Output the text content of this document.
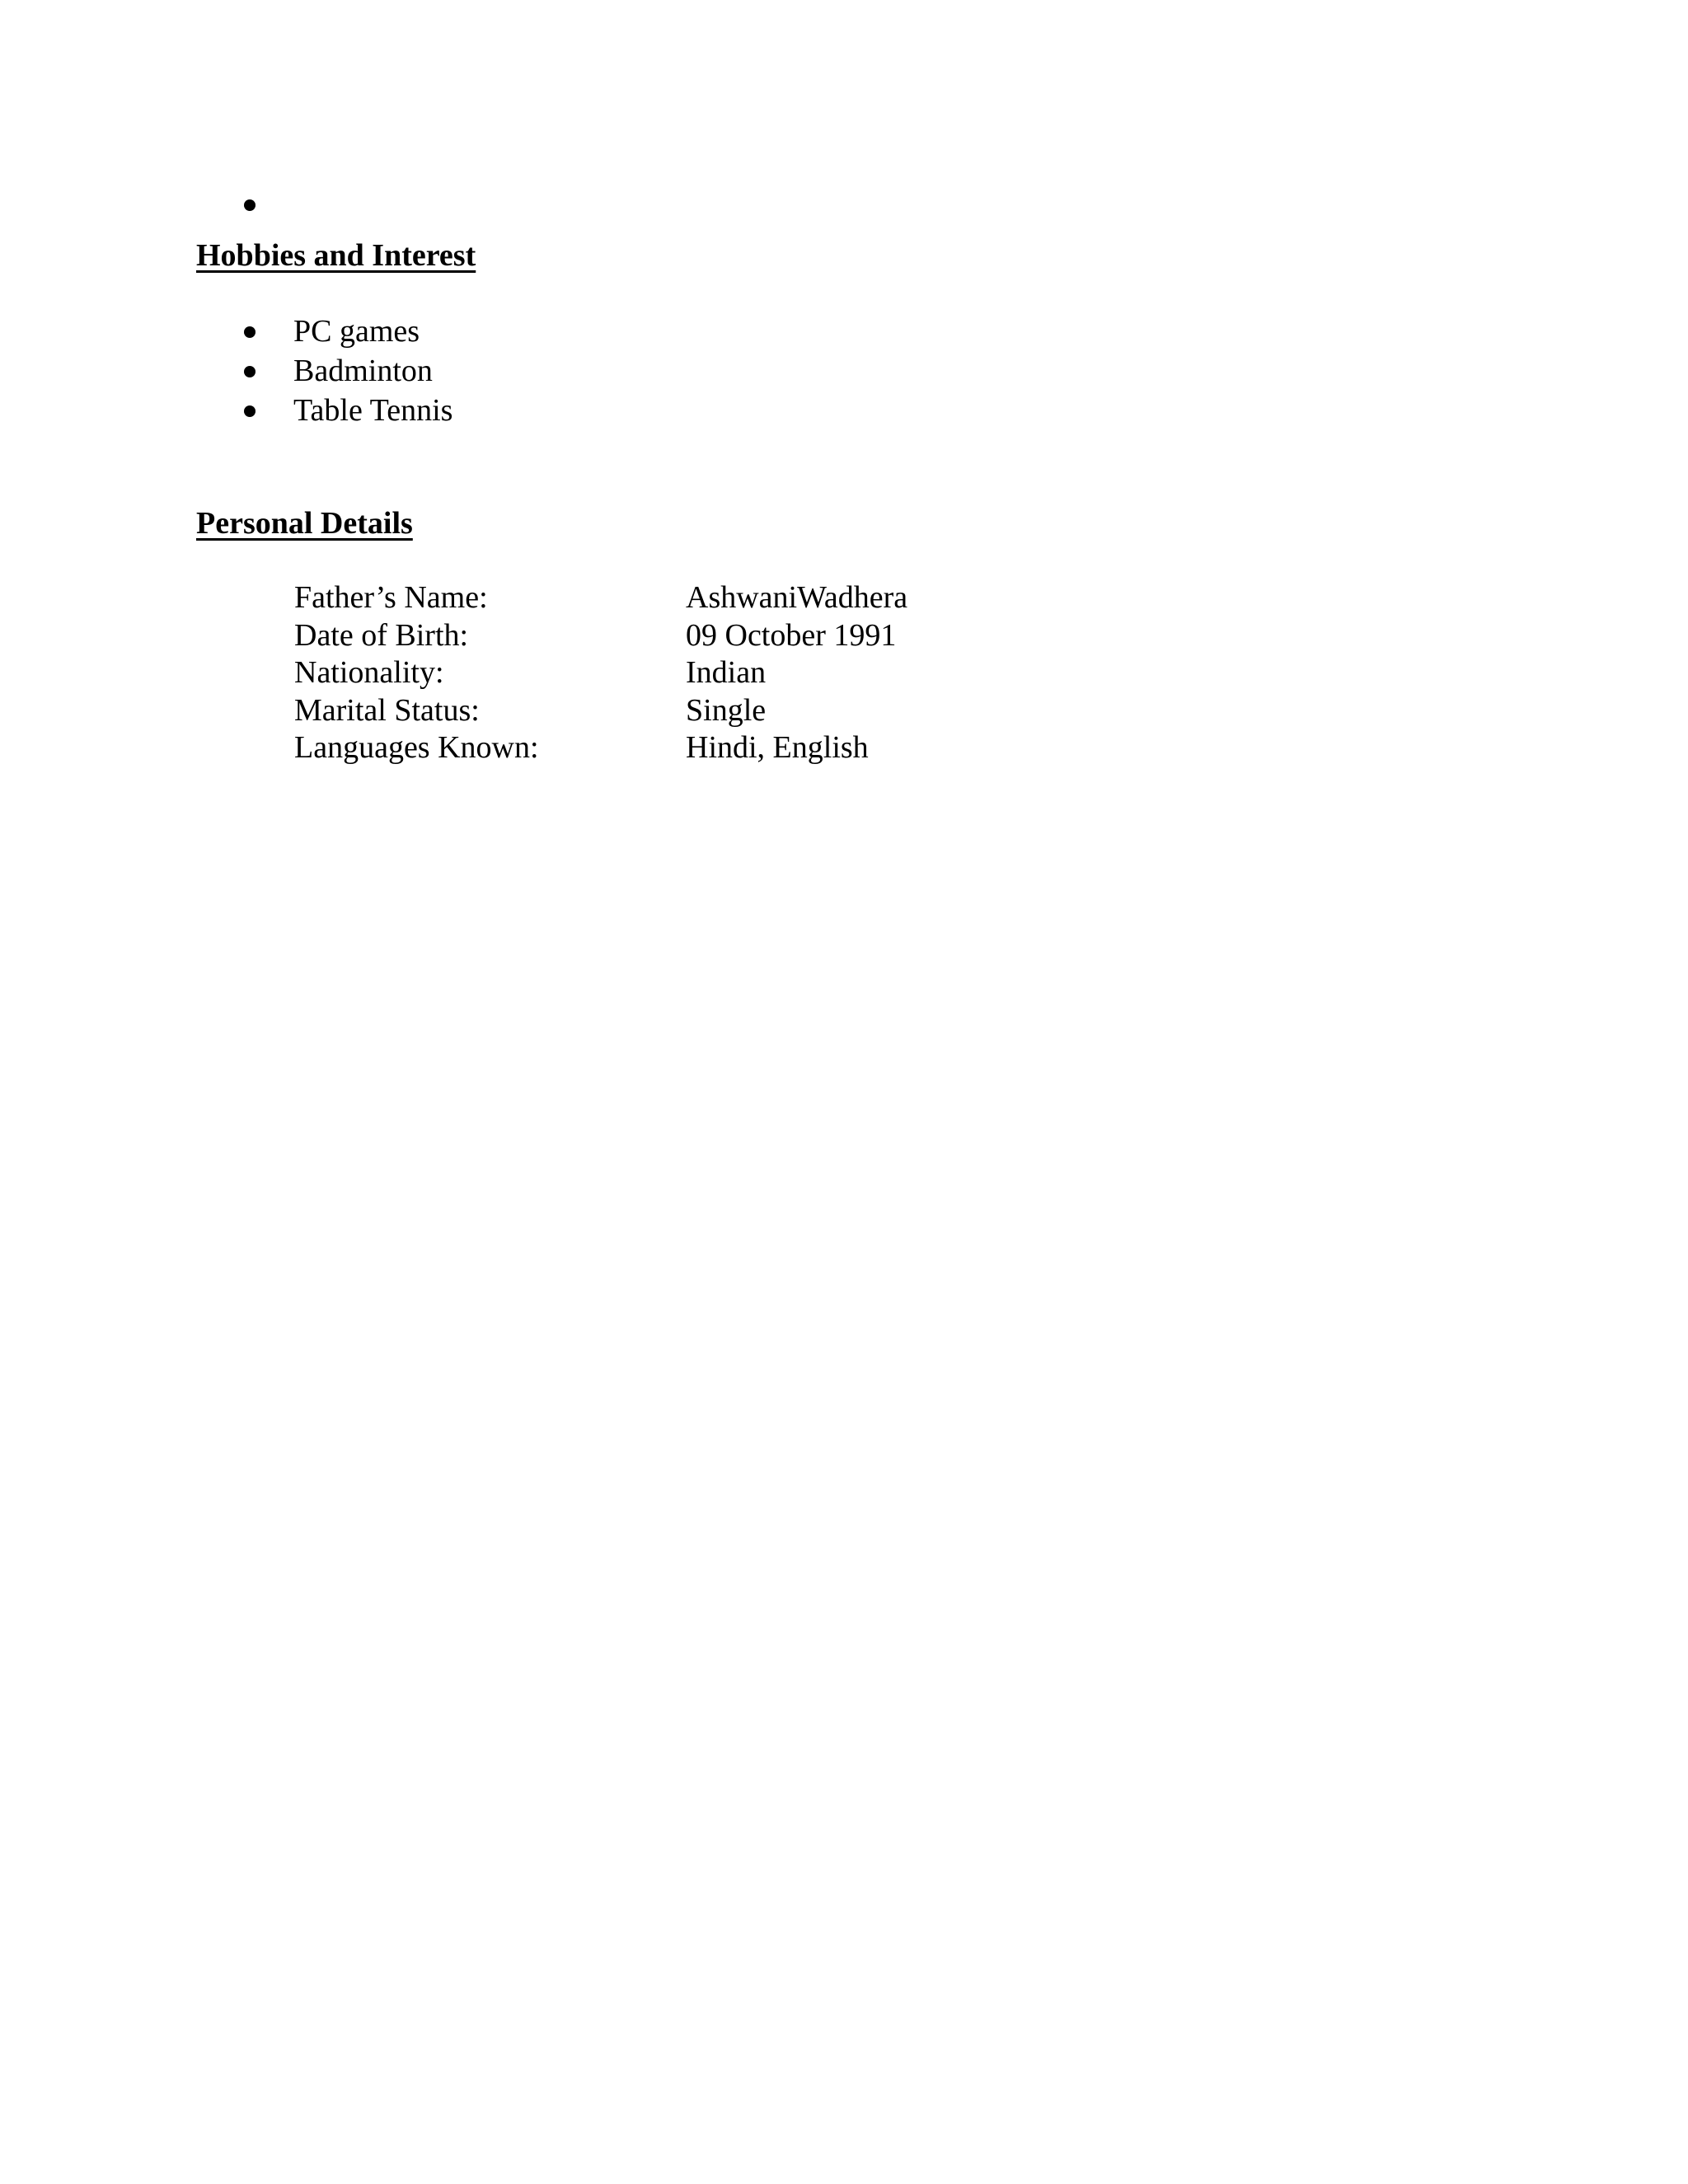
Hobbies and Interest
PC games
Badminton
Table Tennis
Personal Details
Father’s Name:	AshwaniWadhera
Date of Birth:	09 October 1991
Nationality:	Indian
Marital Status:	Single
Languages Known:	Hindi, English
